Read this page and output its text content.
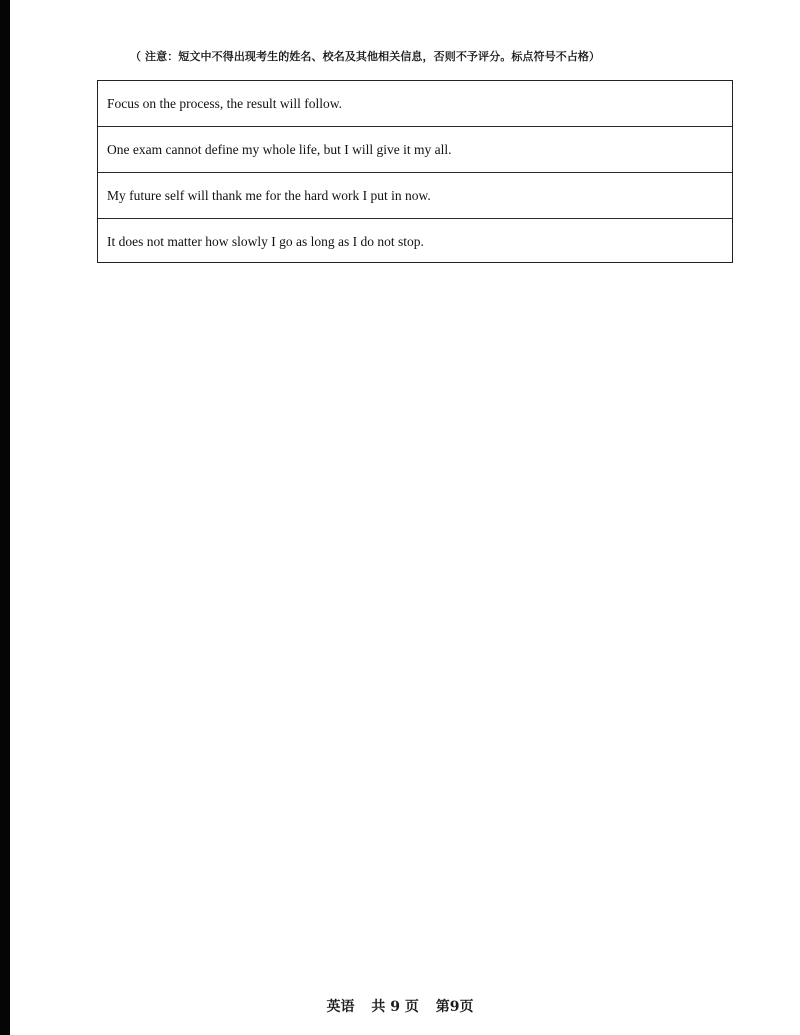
（ 注意：短文中不得出现考生的姓名、校名及其他相关信息，否则不予评分。标点符号不占格）
Focus on the process, the result will follow.
One exam cannot define my whole life, but I will give it my all.
My future self will thank me for the hard work I put in now.
It does not matter how slowly I go as long as I do not stop.
英语 共 9 页 第9页
